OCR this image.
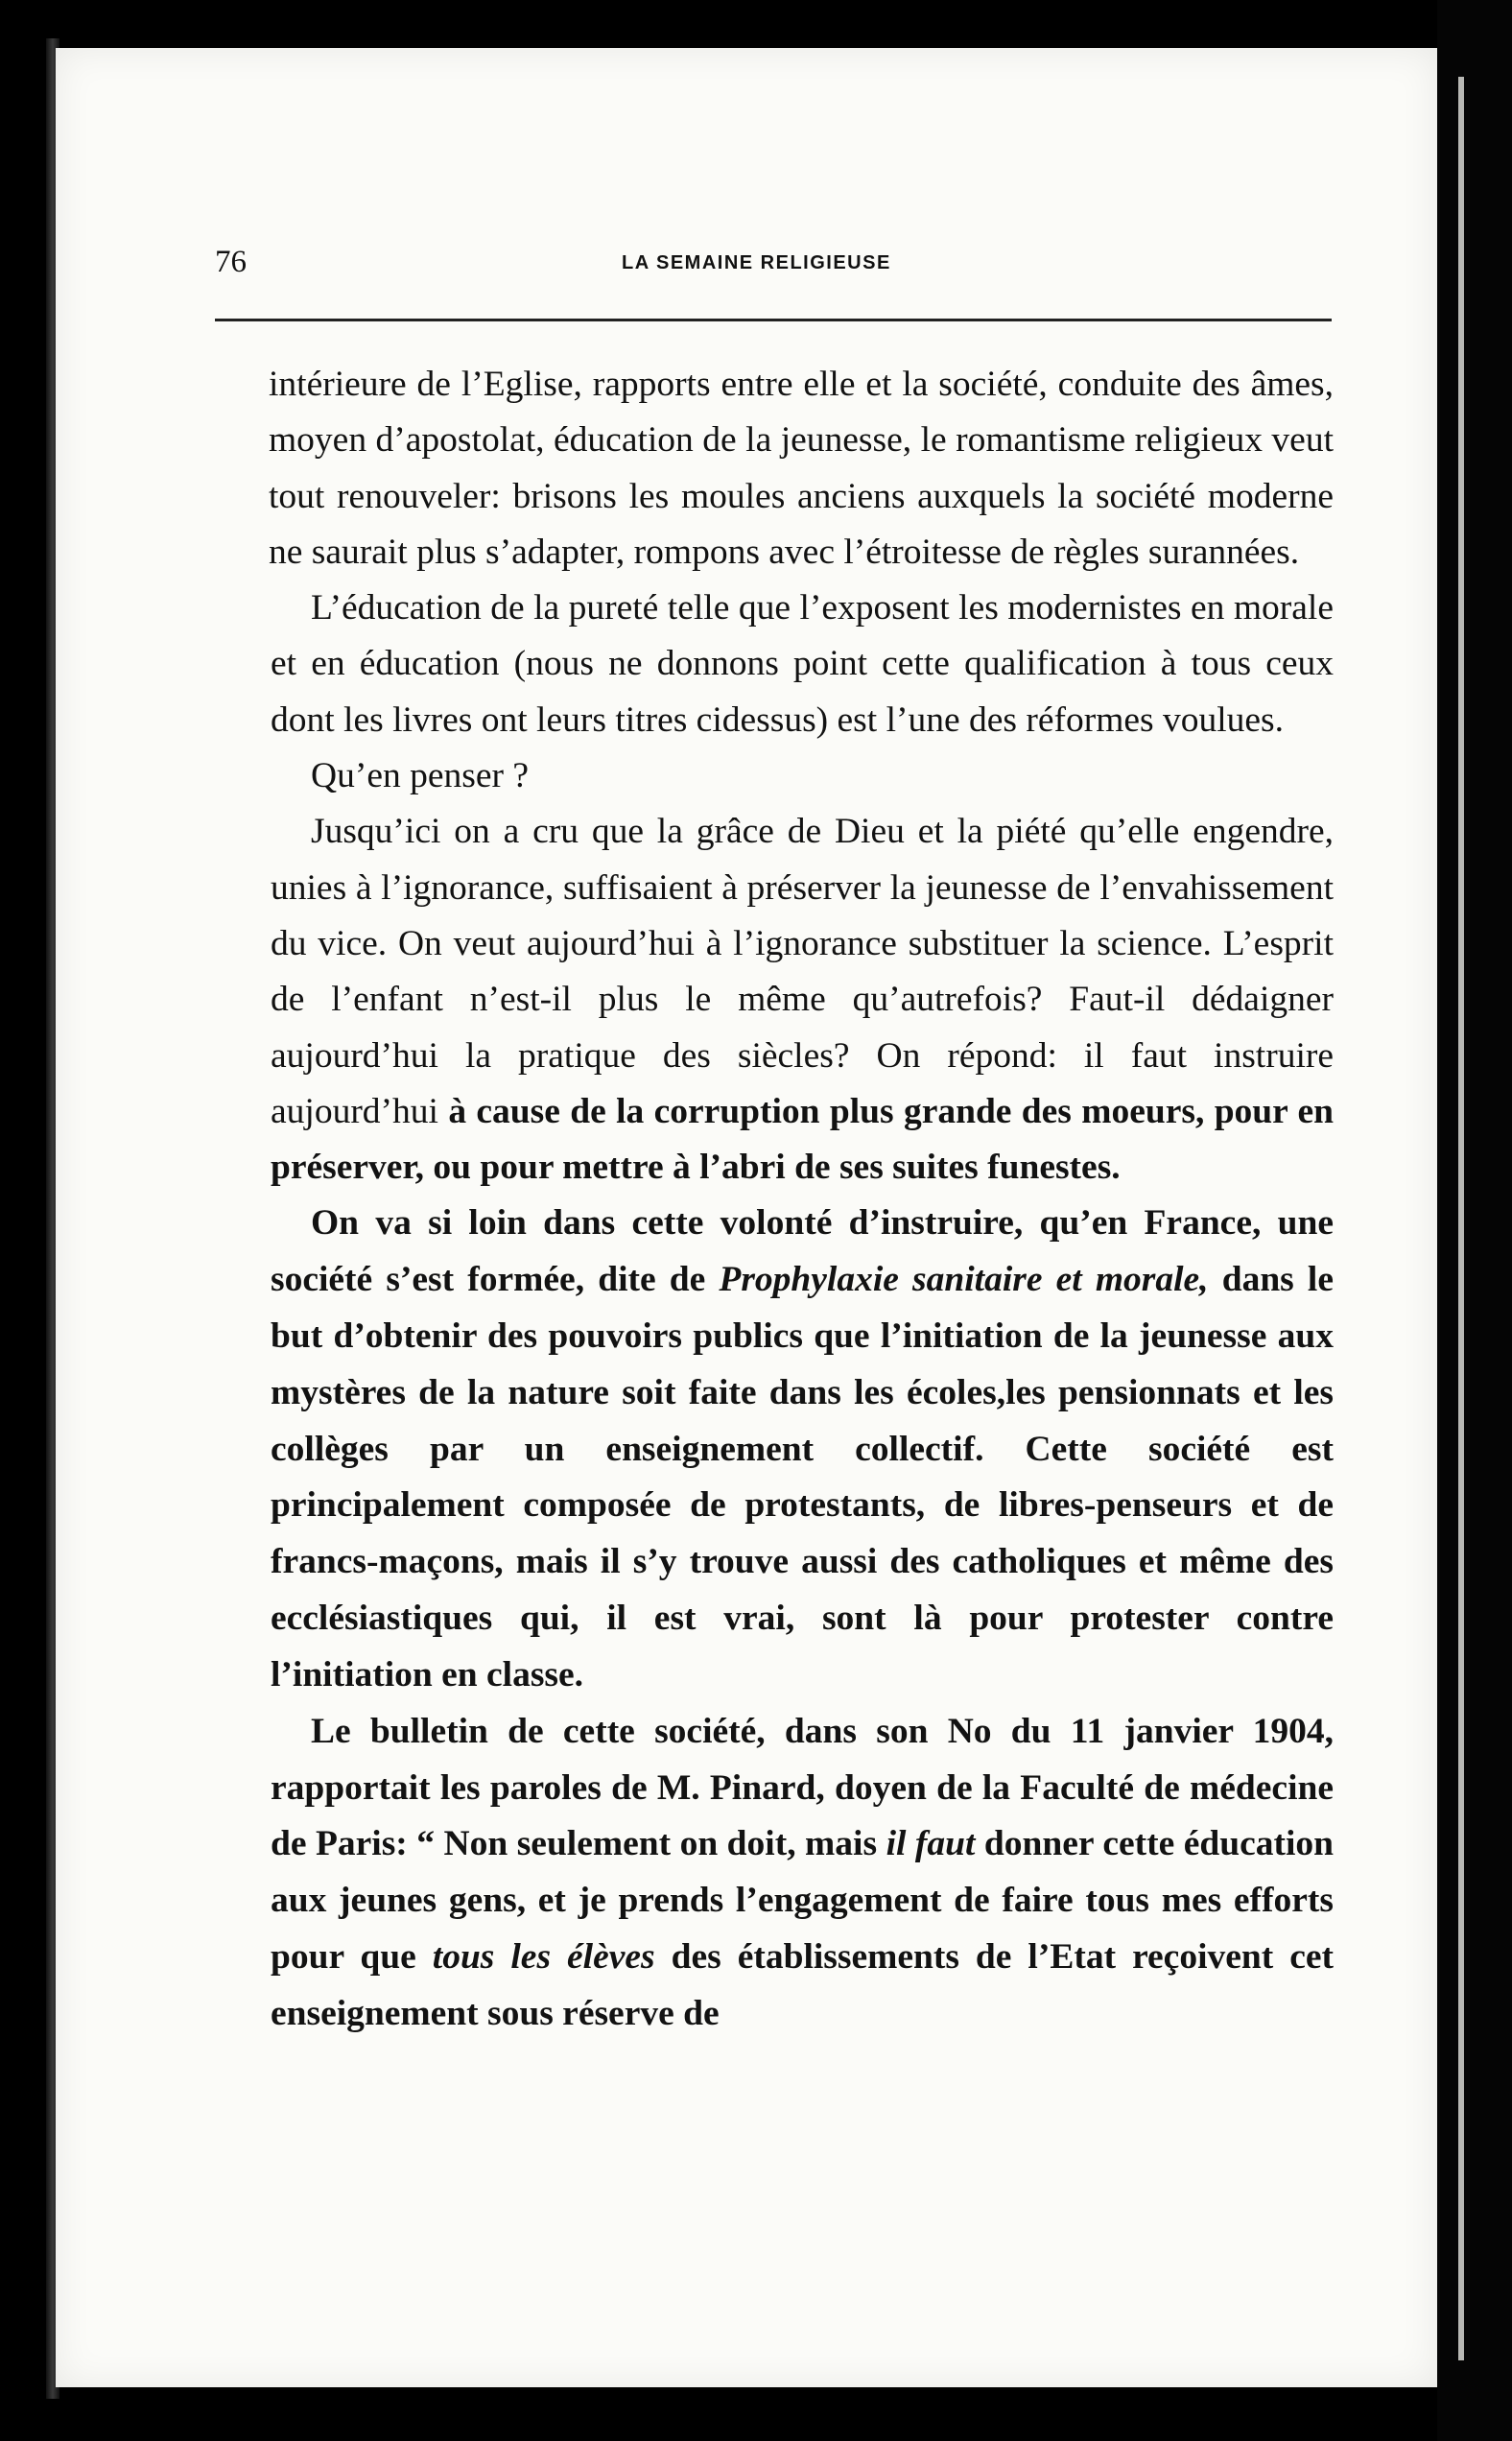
76	LA SEMAINE RELIGIEUSE

intérieure de l’Eglise, rapports entre elle et la société, conduite des âmes, moyen d’apostolat, éducation de la jeunesse, le romantisme religieux veut tout renouveler: brisons les moules anciens auxquels la société moderne ne saurait plus s’adapter, rompons avec l’étroitesse de règles surannées.

L’éducation de la pureté telle que l’exposent les modernistes en morale et en éducation (nous ne donnons point cette qualification à tous ceux dont les livres ont leurs titres cidessus) est l’une des réformes voulues.

Qu’en penser ?

Jusqu’ici on a cru que la grâce de Dieu et la piété qu’elle engendre, unies à l’ignorance, suffisaient à préserver la jeunesse de l’envahissement du vice. On veut aujourd’hui à l’ignorance substituer la science. L’esprit de l’enfant n’est-il plus le même qu’autrefois? Faut-il dédaigner aujourd’hui la pratique des siècles? On répond: il faut instruire aujourd’hui à cause de la corruption plus grande des moeurs, pour en préserver, ou pour mettre à l’abri de ses suites funestes.

On va si loin dans cette volonté d’instruire, qu’en France, une société s’est formée, dite de Prophylaxie sanitaire et morale, dans le but d’obtenir des pouvoirs publics que l’initiation de la jeunesse aux mystères de la nature soit faite dans les écoles,les pensionnats et les collèges par un enseignement collectif. Cette société est principalement composée de protestants, de libres-penseurs et de francs-maçons, mais il s’y trouve aussi des catholiques et même des ecclésiastiques qui, il est vrai, sont là pour protester contre l’initiation en classe.

Le bulletin de cette société, dans son No du 11 janvier 1904, rapportait les paroles de M. Pinard, doyen de la Faculté de médecine de Paris: “ Non seulement on doit, mais il faut donner cette éducation aux jeunes gens, et je prends l’engagement de faire tous mes efforts pour que tous les élèves des établissements de l’Etat reçoivent cet enseignement sous réserve de
